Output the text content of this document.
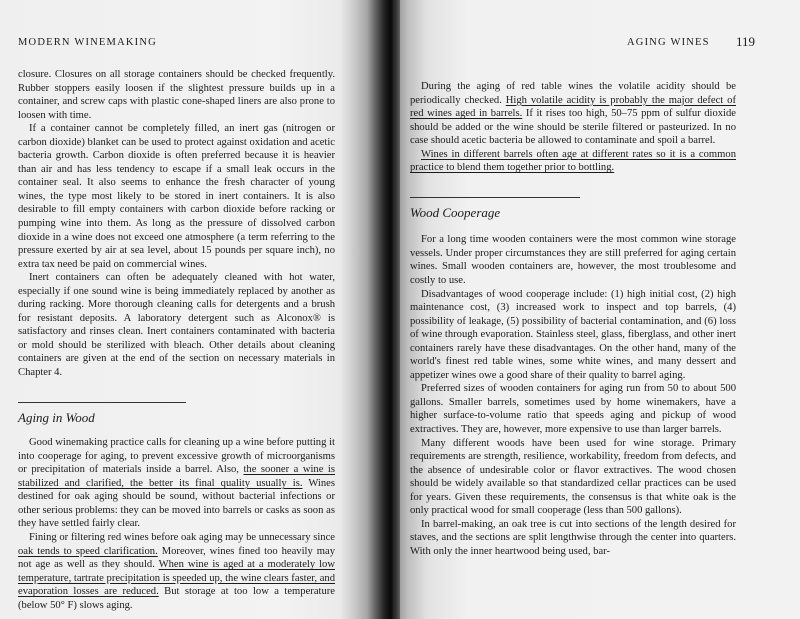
MODERN WINEMAKING

closure. Closures on all storage containers should be checked frequently. Rubber stoppers easily loosen if the slightest pressure builds up in a container, and screw caps with plastic cone-shaped liners are also prone to loosen with time.

If a container cannot be completely filled, an inert gas (nitrogen or carbon dioxide) blanket can be used to protect against oxidation and acetic bacteria growth. Carbon dioxide is often preferred because it is heavier than air and has less tendency to escape if a small leak occurs in the container seal. It also seems to enhance the fresh character of young wines, the type most likely to be stored in inert containers. It is also desirable to fill empty containers with carbon dioxide before racking or pumping wine into them. As long as the pressure of dissolved carbon dioxide in a wine does not exceed one atmosphere (a term referring to the pressure exerted by air at sea level, about 15 pounds per square inch), no extra tax need be paid on commercial wines.

Inert containers can often be adequately cleaned with hot water, especially if one sound wine is being immediately replaced by another as during racking. More thorough cleaning calls for detergents and a brush for resistant deposits. A laboratory detergent such as Alconox® is satisfactory and rinses clean. Inert containers contaminated with bacteria or mold should be sterilized with bleach. Other details about cleaning containers are given at the end of the section on necessary materials in Chapter 4.

Aging in Wood

Good winemaking practice calls for cleaning up a wine before putting it into cooperage for aging, to prevent excessive growth of microorganisms or precipitation of materials inside a barrel. Also, the sooner a wine is stabilized and clarified, the better its final quality usually is. Wines destined for oak aging should be sound, without bacterial infections or other serious problems: they can be moved into barrels or casks as soon as they have settled fairly clear.

Fining or filtering red wines before oak aging may be unnecessary since oak tends to speed clarification. Moreover, wines fined too heavily may not age as well as they should. When wine is aged at a moderately low temperature, tartrate precipitation is speeded up, the wine clears faster, and evaporation losses are reduced. But storage at too low a temperature (below 50° F) slows aging.

AGING WINES 119

During the aging of red table wines the volatile acidity should be periodically checked. High volatile acidity is probably the major defect of red wines aged in barrels. If it rises too high, 50–75 ppm of sulfur dioxide should be added or the wine should be sterile filtered or pasteurized. In no case should acetic bacteria be allowed to contaminate and spoil a barrel.

Wines in different barrels often age at different rates so it is a common practice to blend them together prior to bottling.

Wood Cooperage

For a long time wooden containers were the most common wine storage vessels. Under proper circumstances they are still preferred for aging certain wines. Small wooden containers are, however, the most troublesome and costly to use.

Disadvantages of wood cooperage include: (1) high initial cost, (2) high maintenance cost, (3) increased work to inspect and top barrels, (4) possibility of leakage, (5) possibility of bacterial contamination, and (6) loss of wine through evaporation. Stainless steel, glass, fiberglass, and other inert containers rarely have these disadvantages. On the other hand, many of the world's finest red table wines, some white wines, and many dessert and appetizer wines owe a good share of their quality to barrel aging.

Preferred sizes of wooden containers for aging run from 50 to about 500 gallons. Smaller barrels, sometimes used by home winemakers, have a higher surface-to-volume ratio that speeds aging and pickup of wood extractives. They are, however, more expensive to use than larger barrels.

Many different woods have been used for wine storage. Primary requirements are strength, resilience, workability, freedom from defects, and the absence of undesirable color or flavor extractives. The wood chosen should be widely available so that standardized cellar practices can be used for years. Given these requirements, the consensus is that white oak is the only practical wood for small cooperage (less than 500 gallons).

In barrel-making, an oak tree is cut into sections of the length desired for staves, and the sections are split lengthwise through the center into quarters. With only the inner heartwood being used, bar-
